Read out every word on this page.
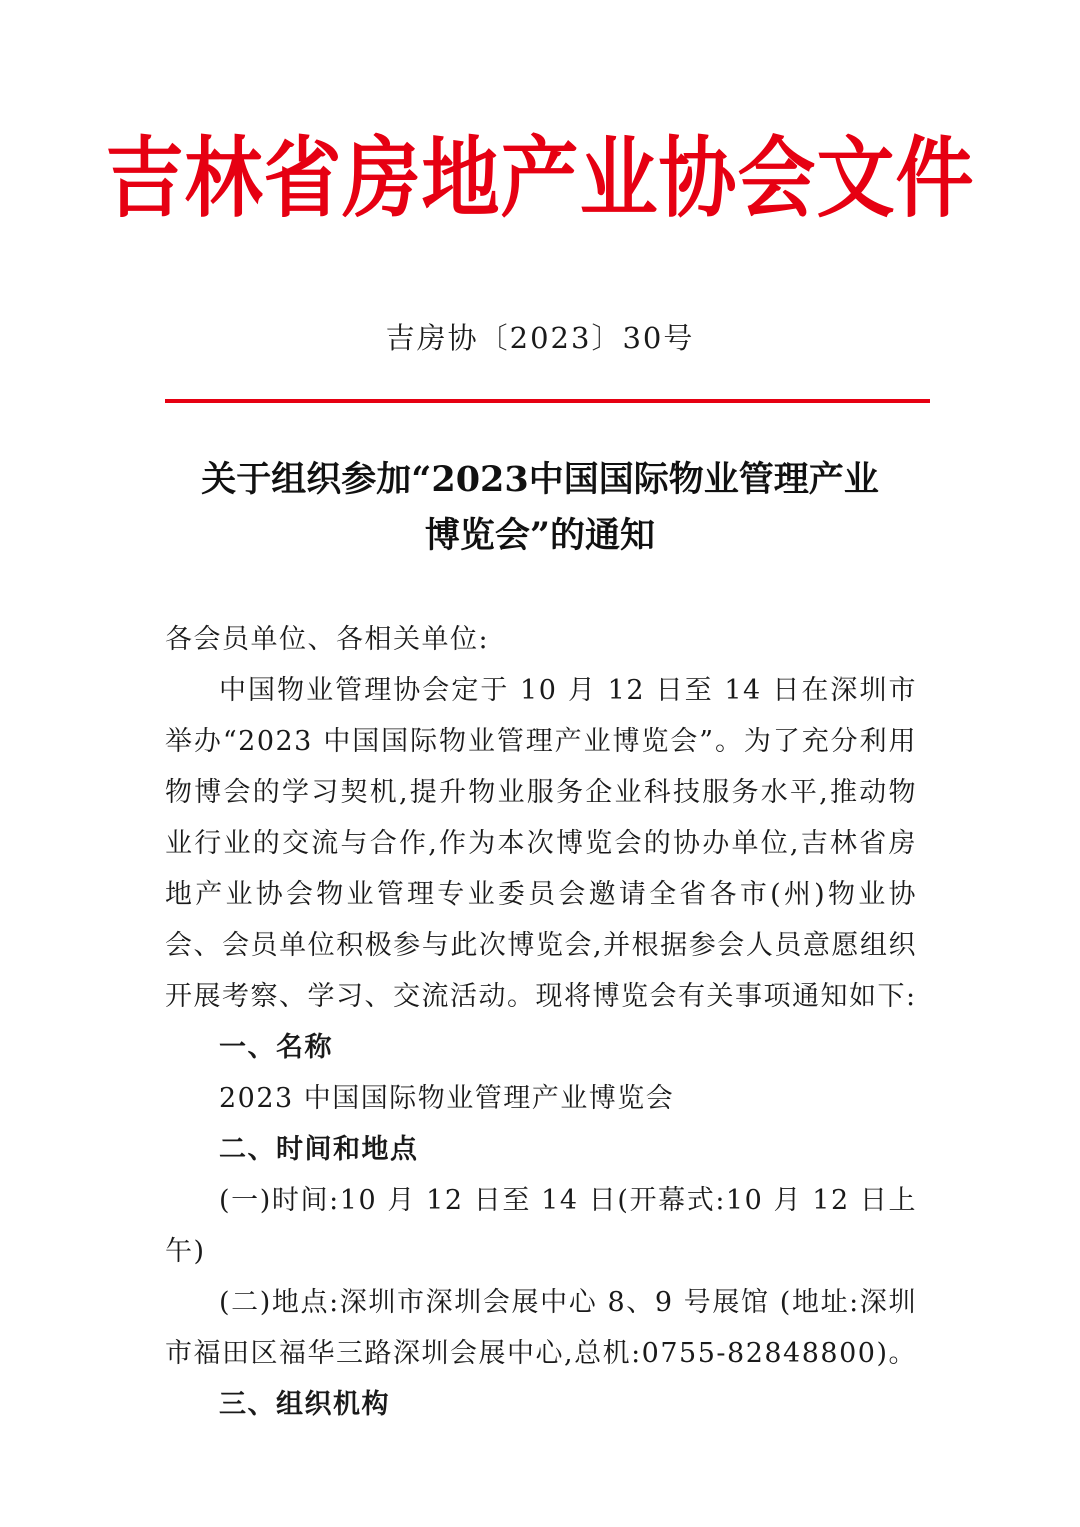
吉林省房地产业协会文件
吉房协〔2023〕30号
关于组织参加“2023中国国际物业管理产业
博览会”的通知

各会员单位、各相关单位:

中国物业管理协会定于 10 月 12 日至 14 日在深圳市举办“2023 中国国际物业管理产业博览会”。为了充分利用物博会的学习契机,提升物业服务企业科技服务水平,推动物业行业的交流与合作,作为本次博览会的协办单位,吉林省房地产业协会物业管理专业委员会邀请全省各市(州)物业协会、会员单位积极参与此次博览会,并根据参会人员意愿组织开展考察、学习、交流活动。现将博览会有关事项通知如下:

一、名称

2023 中国国际物业管理产业博览会

二、时间和地点

(一)时间:10 月 12 日至 14 日(开幕式:10 月 12 日上午)

(二)地点:深圳市深圳会展中心 8、9 号展馆 (地址:深圳市福田区福华三路深圳会展中心,总机:0755-82848800)。

三、组织机构
